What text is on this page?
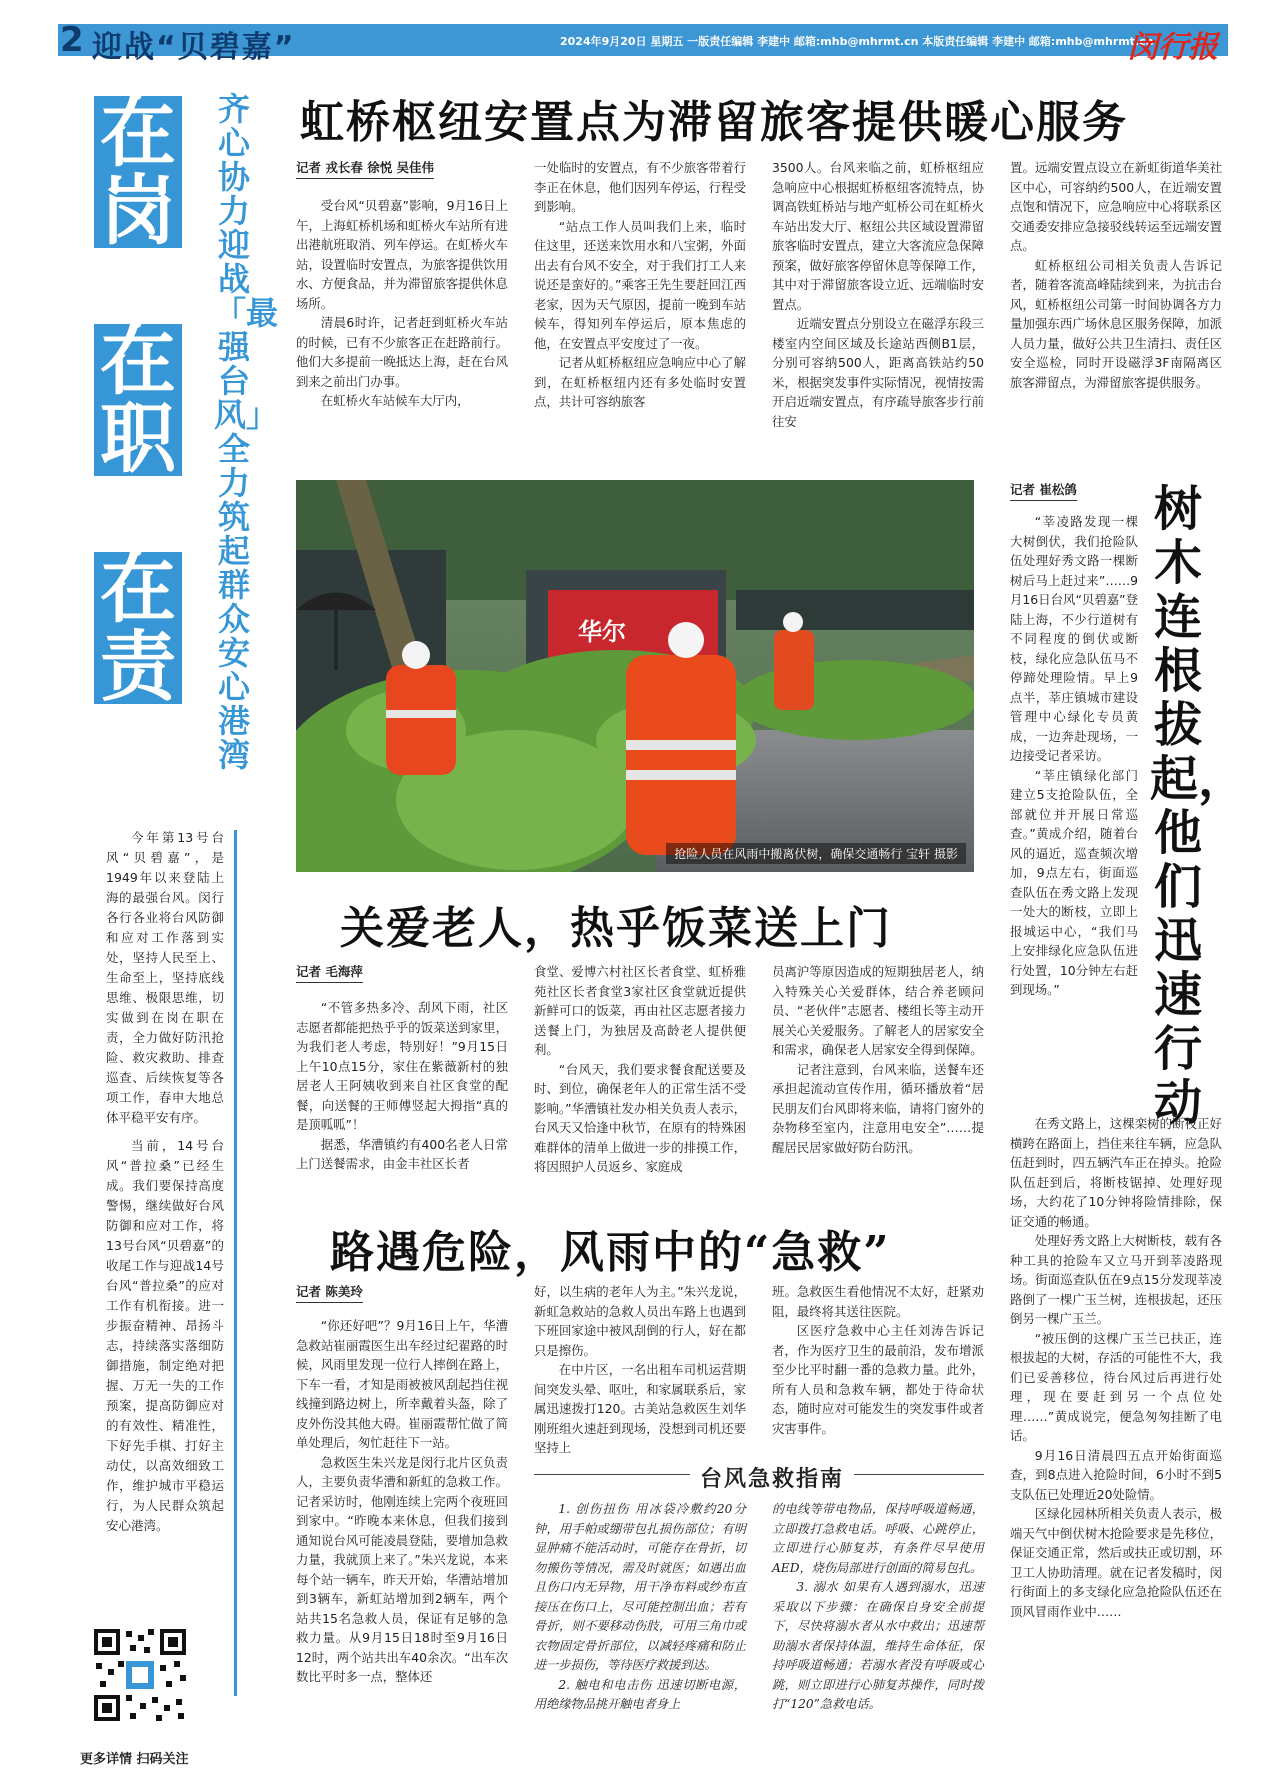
2 迎战“贝碧嘉”	2024年9月20日 星期五 一版责任编辑 李建中 邮箱:mhb@mhrmt.cn 本版责任编辑 李建中 邮箱:mhb@mhrmt.cn
闵行报
在岗
在职
在责
齐心协力迎战「最强台风」 全力筑起群众安心港湾

今年第13号台风“贝碧嘉”，是1949年以来登陆上海的最强台风。闵行各行各业将台风防御和应对工作落到实处，坚持人民至上、生命至上，坚持底线思维、极限思维，切实做到在岗在职在责，全力做好防汛抢险、救灾救助、排查巡查、后续恢复等各项工作，春申大地总体平稳平安有序。

当前，14号台风“普拉桑”已经生成。我们要保持高度警惕，继续做好台风防御和应对工作，将13号台风“贝碧嘉”的收尾工作与迎战14号台风“普拉桑”的应对工作有机衔接。进一步振奋精神、昂扬斗志，持续落实落细防御措施，制定绝对把握、万无一失的工作预案，提高防御应对的有效性、精准性，下好先手棋、打好主动仗，以高效细致工作，维护城市平稳运行，为人民群众筑起安心港湾。

更多详情 扫码关注
虹桥枢纽安置点为滞留旅客提供暖心服务
记者 戎长春 徐悦 吴佳伟

受台风“贝碧嘉”影响，9月16日上午，上海虹桥机场和虹桥火车站所有进出港航班取消、列车停运。在虹桥火车站，设置临时安置点，为旅客提供饮用水、方便食品，并为滞留旅客提供休息场所。

清晨6时许，记者赶到虹桥火车站的时候，已有不少旅客正在赶路前行。他们大多提前一晚抵达上海，赶在台风到来之前出门办事。

在虹桥火车站候车大厅内，

一处临时的安置点，有不少旅客带着行李正在休息，他们因列车停运，行程受到影响。

“站点工作人员叫我们上来，临时住这里，还送来饮用水和八宝粥，外面出去有台风不安全，对于我们打工人来说还是蛮好的。”乘客王先生要赶回江西老家，因为天气原因，提前一晚到车站候车，得知列车停运后，原本焦虑的他，在安置点平安度过了一夜。

记者从虹桥枢纽应急响应中心了解到，在虹桥枢纽内还有多处临时安置点，共计可容纳旅客

3500人。台风来临之前，虹桥枢纽应急响应中心根据虹桥枢纽客流特点，协调高铁虹桥站与地产虹桥公司在虹桥火车站出发大厅、枢纽公共区域设置滞留旅客临时安置点，建立大客流应急保障预案，做好旅客停留休息等保障工作，其中对于滞留旅客设立近、远端临时安置点。

近端安置点分别设立在磁浮东段三楼室内空间区域及长途站西侧B1层，分别可容纳500人，距离高铁站约50米，根据突发事件实际情况，视情按需开启近端安置点，有序疏导旅客步行前往安

置。远端安置点设立在新虹街道华美社区中心，可容纳约500人，在近端安置点饱和情况下，应急响应中心将联系区交通委安排应急接驳线转运至远端安置点。

虹桥枢纽公司相关负责人告诉记者，随着客流高峰陆续到来，为抗击台风，虹桥枢纽公司第一时间协调各方力量加强东西广场休息区服务保障，加派人员力量，做好公共卫生清扫、责任区安全巡检，同时开设磁浮3F南隔离区旅客滞留点，为滞留旅客提供服务。

华尔
抢险人员在风雨中搬离伏树，确保交通畅行 宝轩 摄影
记者 崔松鸽 树木连根拔起，他们迅速行动

“莘凌路发现一棵大树倒伏，我们抢险队伍处理好秀文路一棵断树后马上赶过来”……9月16日台风“贝碧嘉”登陆上海，不少行道树有不同程度的倒伏或断枝，绿化应急队伍马不停蹄处理险情。早上9点半，莘庄镇城市建设管理中心绿化专员黄成，一边奔赴现场，一边接受记者采访。

“莘庄镇绿化部门建立5支抢险队伍，全部就位并开展日常巡查。”黄成介绍，随着台风的逼近，巡查频次增加，9点左右，街面巡查队伍在秀文路上发现一处大的断枝，立即上报城运中心，“我们马上安排绿化应急队伍进行处置，10分钟左右赶到现场。”

在秀文路上，这棵栾树的断枝正好横跨在路面上，挡住来往车辆，应急队伍赶到时，四五辆汽车正在掉头。抢险队伍赶到后，将断枝锯掉、处理好现场，大约花了10分钟将险情排除，保证交通的畅通。

处理好秀文路上大树断枝，载有各种工具的抢险车又立马开到莘凌路现场。街面巡查队伍在9点15分发现莘凌路倒了一棵广玉兰树，连根拔起，还压倒另一棵广玉兰。

“被压倒的这棵广玉兰已扶正，连根拔起的大树，存活的可能性不大，我们已妥善移位，待台风过后再进行处理，现在要赶到另一个点位处理……”黄成说完，便急匆匆挂断了电话。

9月16日清晨四五点开始街面巡查，到8点进入抢险时间，6小时不到5支队伍已处理近20处险情。

区绿化园林所相关负责人表示，极端天气中倒伏树木抢险要求是先移位，保证交通正常，然后或扶正或切割，环卫工人协助清理。就在记者发稿时，闵行街面上的多支绿化应急抢险队伍还在顶风冒雨作业中……

关爱老人，热乎饭菜送上门
记者 毛海萍

“不管多热多冷、刮风下雨，社区志愿者都能把热乎乎的饭菜送到家里，为我们老人考虑，特别好！”9月15日上午10点15分，家住在紫薇新村的独居老人王阿姨收到来自社区食堂的配餐，向送餐的王师傅竖起大拇指“真的是顶呱呱”！

据悉，华漕镇约有400名老人日常上门送餐需求，由金丰社区长者

食堂、爱博六村社区长者食堂、虹桥雅苑社区长者食堂3家社区食堂就近提供新鲜可口的饭菜，再由社区志愿者接力送餐上门，为独居及高龄老人提供便利。

“台风天，我们要求餐食配送要及时、到位，确保老年人的正常生活不受影响。”华漕镇社发办相关负责人表示，台风天又恰逢中秋节，在原有的特殊困难群体的清单上做进一步的排摸工作，将因照护人员返乡、家庭成

员离沪等原因造成的短期独居老人，纳入特殊关心关爱群体，结合养老顾问员、“老伙伴”志愿者、楼组长等主动开展关心关爱服务。了解老人的居家安全和需求，确保老人居家安全得到保障。

记者注意到，台风来临，送餐车还承担起流动宣传作用，循环播放着“居民朋友们台风即将来临，请将门窗外的杂物移至室内，注意用电安全”……提醒居民居家做好防台防汛。

路遇危险，风雨中的“急救”
记者 陈美玲

“你还好吧”？9月16日上午，华漕急救站崔丽霞医生出车经过纪翟路的时候，风雨里发现一位行人摔倒在路上，下车一看，才知是雨被被风刮起挡住视线撞到路边树上，所幸戴着头盔，除了皮外伤没其他大碍。崔丽霞帮忙做了简单处理后，匆忙赶往下一站。

急救医生朱兴龙是闵行北片区负责人，主要负责华漕和新虹的急救工作。记者采访时，他刚连续上完两个夜班回到家中。“昨晚本来休息，但我们接到通知说台风可能凌晨登陆，要增加急救力量，我就顶上来了。”朱兴龙说，本来每个站一辆车，昨天开始，华漕站增加到3辆车，新虹站增加到2辆车，两个站共15名急救人员，保证有足够的急救力量。从9月15日18时至9月16日12时，两个站共出车40余次。“出车次数比平时多一点，整体还

好，以生病的老年人为主。”朱兴龙说，新虹急救站的急救人员出车路上也遇到下班回家途中被风刮倒的行人，好在都只是擦伤。

在中片区，一名出租车司机运营期间突发头晕、呕吐，和家属联系后，家属迅速拨打120。古美站急救医生刘华刚班组火速赶到现场，没想到司机还要坚持上

班。急救医生看他情况不太好，赶紧劝阻，最终将其送往医院。

区医疗急救中心主任刘涛告诉记者，作为医疗卫生的最前沿，发布增派至少比平时翻一番的急救力量。此外，所有人员和急救车辆，都处于待命状态，随时应对可能发生的突发事件或者灾害事件。

台风急救指南

1. 创伤扭伤 用冰袋冷敷约20分钟，用手帕或绷带包扎损伤部位；有明显肿痛不能活动时，可能存在骨折，切勿搬伤等情况，需及时就医；如遇出血且伤口内无异物，用干净布料或纱布直接压在伤口上，尽可能控制出血；若有骨折，则不要移动伤肢，可用三角巾或衣物固定骨折部位，以减轻疼痛和防止进一步损伤，等待医疗救援到达。

2. 触电和电击伤 迅速切断电源，用绝缘物品挑开触电者身上

的电线等带电物品，保持呼吸道畅通，立即拨打急救电话。呼吸、心跳停止，立即进行心肺复苏，有条件尽早使用AED，烧伤局部进行创面的简易包扎。

3. 溺水 如果有人遇到溺水，迅速采取以下步骤：在确保自身安全前提下，尽快将溺水者从水中救出；迅速帮助溺水者保持体温，维持生命体征，保持呼吸道畅通；若溺水者没有呼吸或心跳，则立即进行心肺复苏操作，同时拨打“120”急救电话。
